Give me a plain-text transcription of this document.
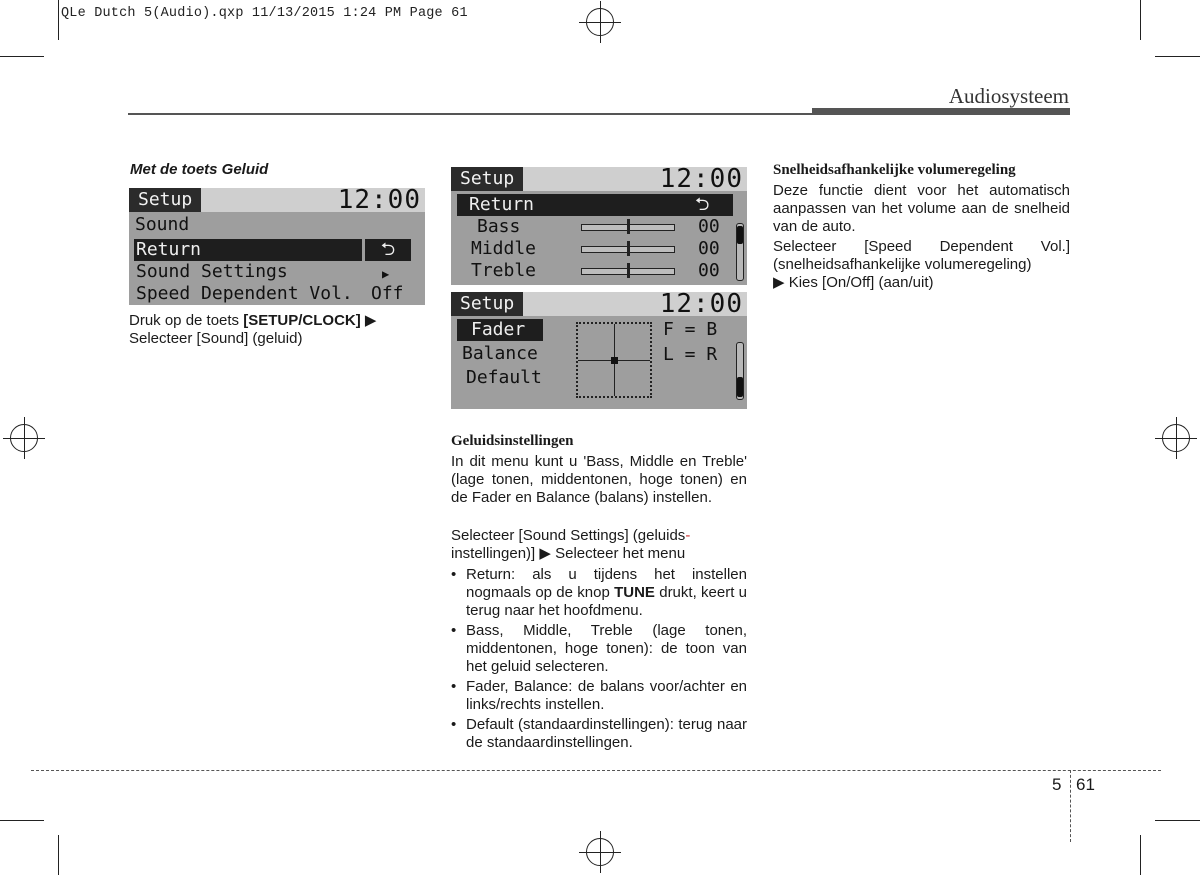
QLe Dutch 5(Audio).qxp 11/13/2015 1:24 PM Page 61
Audiosysteem
Met de toets Geluid
Setup	12:00
Sound
Return	⮌
Sound Settings	▶
Speed Dependent Vol. Off
Druk op de toets [SETUP/CLOCK] ▶
Selecteer [Sound] (geluid)
Setup	12:00
Return	⮌
Bass	00
Middle	00
Treble	00
Setup	12:00
Fader
Balance
Default
F = B
L = R
Geluidsinstellingen
In dit menu kunt u 'Bass, Middle en Treble' (lage tonen, middentonen, hoge tonen) en de Fader en Balance (balans) instellen.
Selecteer [Sound Settings] (geluids-
instellingen)] ▶ Selecteer het menu
• Return: als u tijdens het instellen nogmaals op de knop TUNE drukt, keert u terug naar het hoofdmenu.
• Bass, Middle, Treble (lage tonen, middentonen, hoge tonen): de toon van het geluid selecteren.
• Fader, Balance: de balans voor/achter en links/rechts instellen.
• Default (standaardinstellingen): terug naar de standaardinstellingen.
Snelheidsafhankelijke volumeregeling
Deze functie dient voor het automatisch aanpassen van het volume aan de snelheid van de auto.
Selecteer [Speed Dependent Vol.] (snelheidsafhankelijke volumeregeling)
▶ Kies [On/Off] (aan/uit)
5 61
